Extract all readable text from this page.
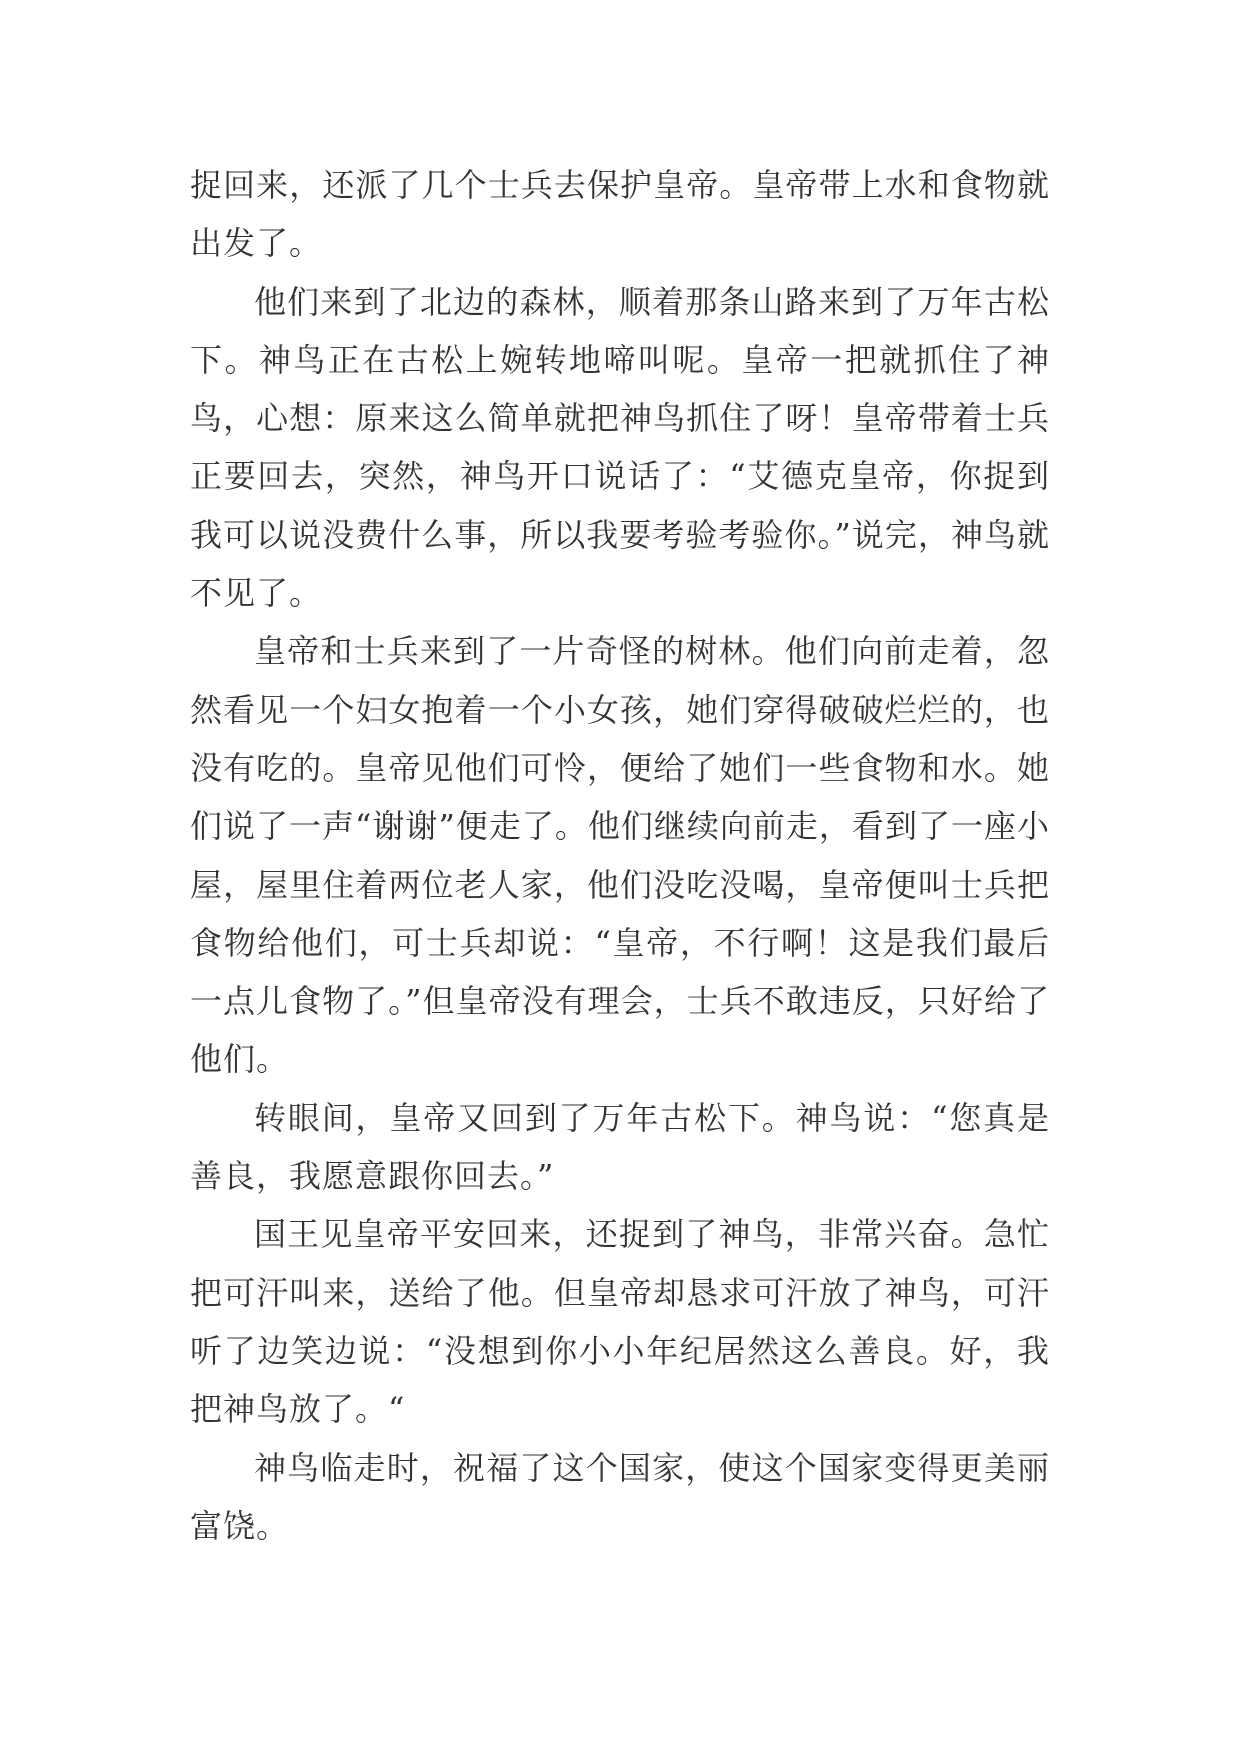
捉回来，还派了几个士兵去保护皇帝。皇帝带上水和食物就出发了。

他们来到了北边的森林，顺着那条山路来到了万年古松下。神鸟正在古松上婉转地啼叫呢。皇帝一把就抓住了神鸟，心想：原来这么简单就把神鸟抓住了呀！皇帝带着士兵正要回去，突然，神鸟开口说话了：“艾德克皇帝，你捉到我可以说没费什么事，所以我要考验考验你。”说完，神鸟就不见了。

皇帝和士兵来到了一片奇怪的树林。他们向前走着，忽然看见一个妇女抱着一个小女孩，她们穿得破破烂烂的，也没有吃的。皇帝见他们可怜，便给了她们一些食物和水。她们说了一声“谢谢”便走了。他们继续向前走，看到了一座小屋，屋里住着两位老人家，他们没吃没喝，皇帝便叫士兵把食物给他们，可士兵却说：“皇帝，不行啊！这是我们最后一点儿食物了。”但皇帝没有理会，士兵不敢违反，只好给了他们。

转眼间，皇帝又回到了万年古松下。神鸟说：“您真是善良，我愿意跟你回去。”

国王见皇帝平安回来，还捉到了神鸟，非常兴奋。急忙把可汗叫来，送给了他。但皇帝却恳求可汗放了神鸟，可汗听了边笑边说：“没想到你小小年纪居然这么善良。好，我把神鸟放了。“

神鸟临走时，祝福了这个国家，使这个国家变得更美丽富饶。
